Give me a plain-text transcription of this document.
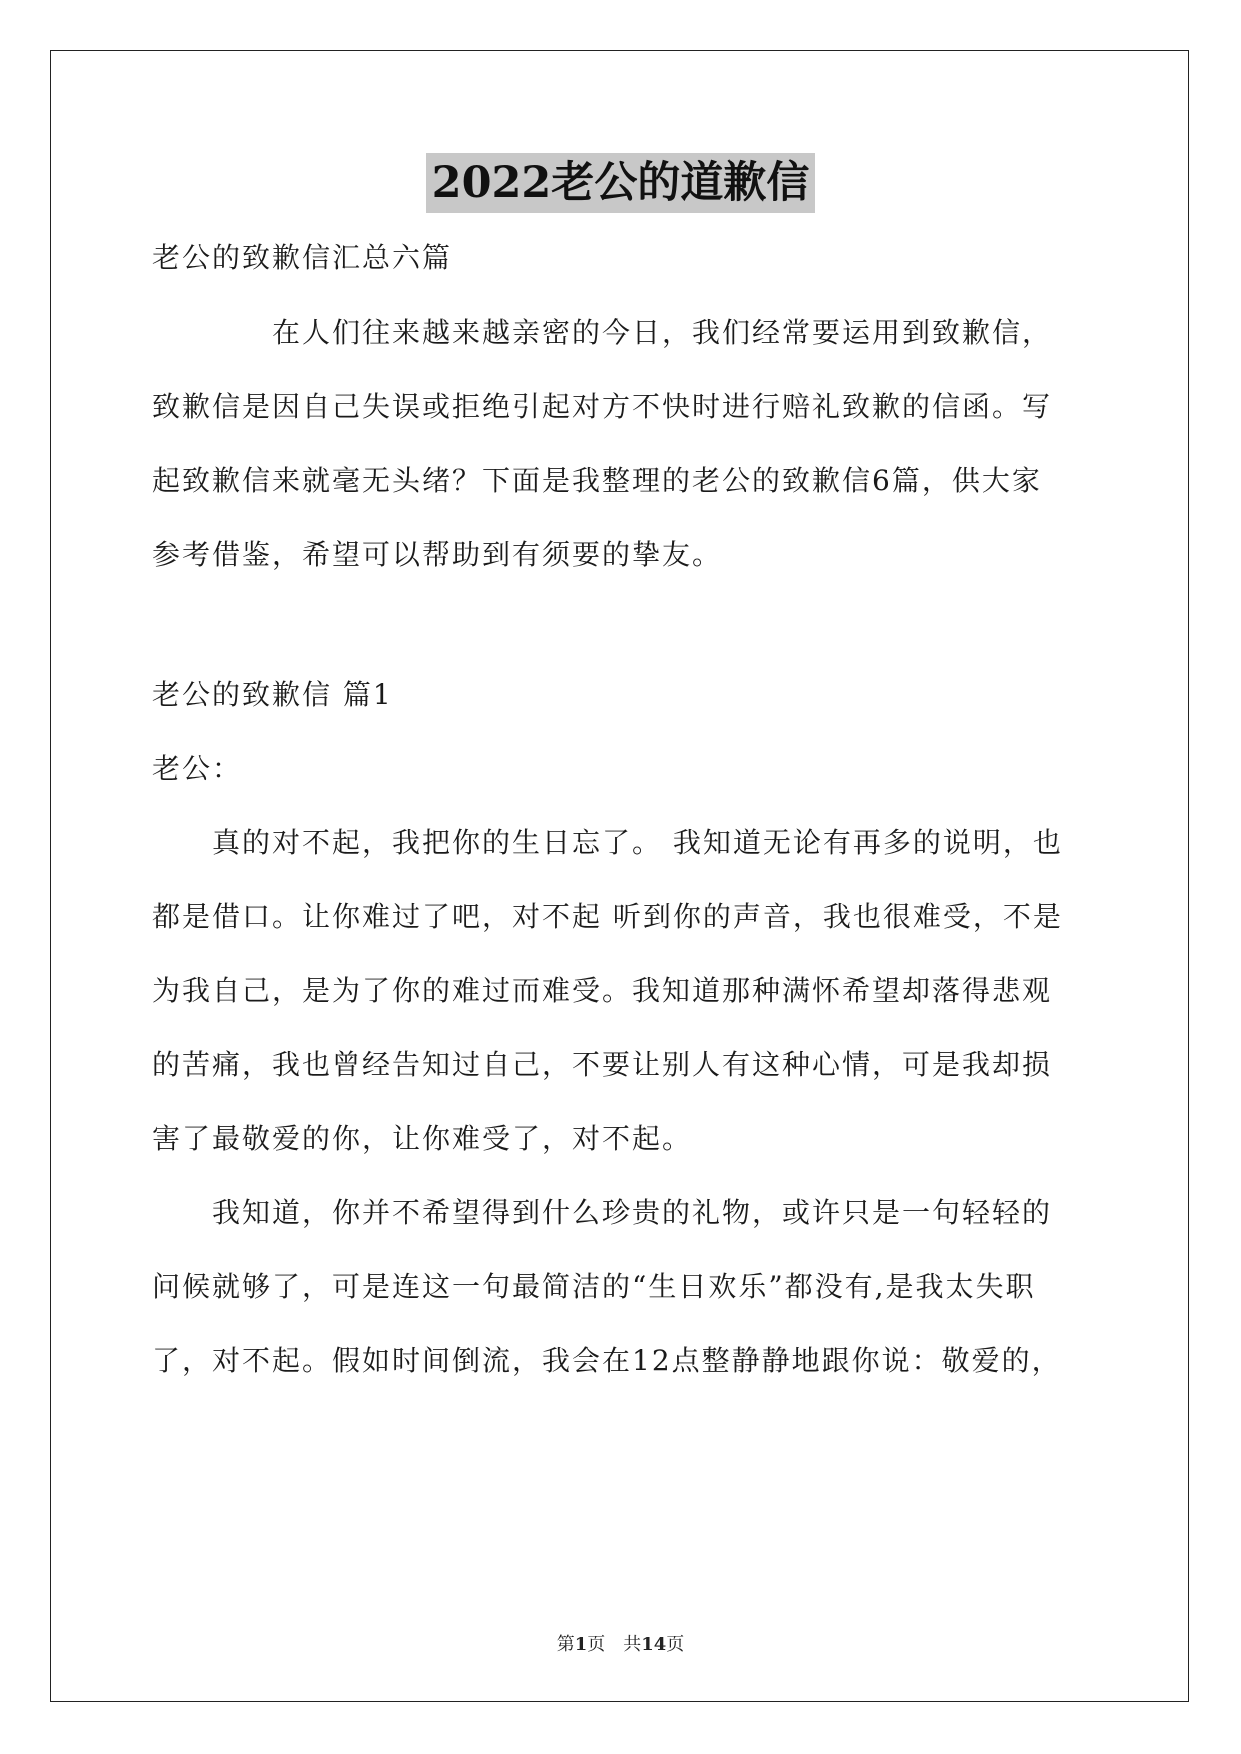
2022老公的道歉信
老公的致歉信汇总六篇
在人们往来越来越亲密的今日，我们经常要运用到致歉信，
致歉信是因自己失误或拒绝引起对方不快时进行赔礼致歉的信函。写
起致歉信来就毫无头绪？下面是我整理的老公的致歉信6篇，供大家
参考借鉴，希望可以帮助到有须要的挚友。
老公的致歉信 篇1
老公：
真的对不起，我把你的生日忘了。 我知道无论有再多的说明，也
都是借口。让你难过了吧，对不起 听到你的声音，我也很难受，不是
为我自己，是为了你的难过而难受。我知道那种满怀希望却落得悲观
的苦痛，我也曾经告知过自己，不要让别人有这种心情，可是我却损
害了最敬爱的你，让你难受了，对不起。
我知道，你并不希望得到什么珍贵的礼物，或许只是一句轻轻的
问候就够了，可是连这一句最简洁的“生日欢乐”都没有,是我太失职
了，对不起。假如时间倒流，我会在12点整静静地跟你说：敬爱的，
第1页　共14页
